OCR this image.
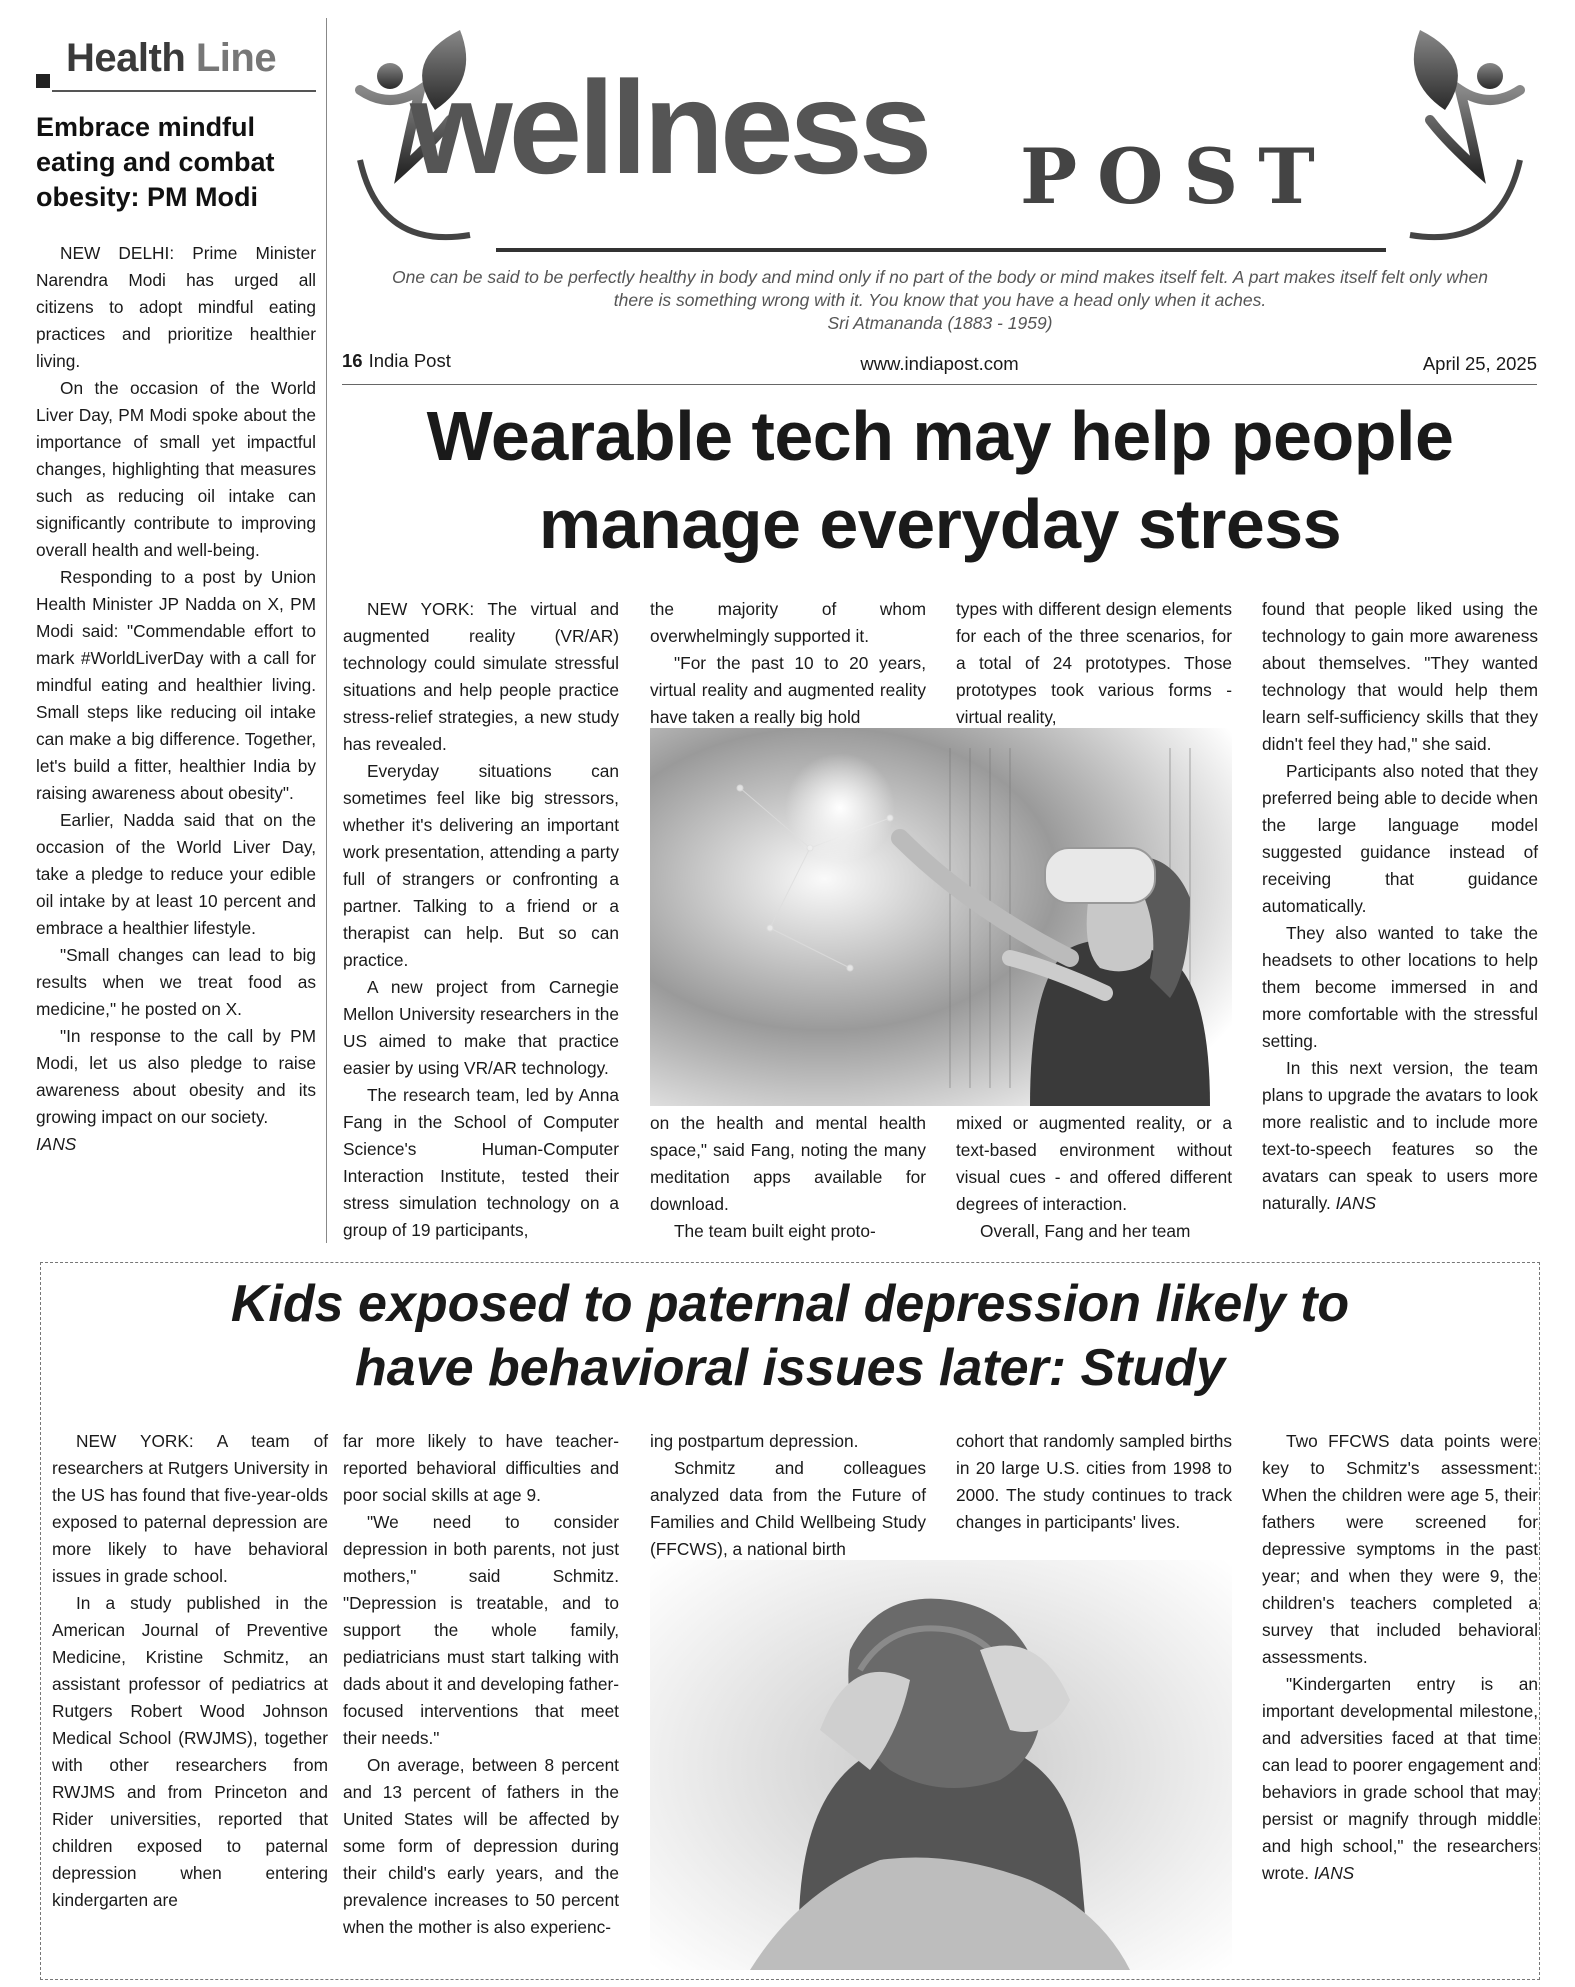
Health Line
Embrace mindful eating and combat obesity: PM Modi

NEW DELHI: Prime Minister Narendra Modi has urged all citizens to adopt mindful eating practices and prioritize healthier living.

On the occasion of the World Liver Day, PM Modi spoke about the importance of small yet impactful changes, highlighting that measures such as reducing oil intake can significantly contribute to improving overall health and well-being.

Responding to a post by Union Health Minister JP Nadda on X, PM Modi said: "Commendable effort to mark #WorldLiverDay with a call for mindful eating and healthier living. Small steps like reducing oil intake can make a big difference. Together, let's build a fitter, healthier India by raising awareness about obesity".

Earlier, Nadda said that on the occasion of the World Liver Day, take a pledge to reduce your edible oil intake by at least 10 percent and embrace a healthier lifestyle.

"Small changes can lead to big results when we treat food as medicine," he posted on X.

"In response to the call by PM Modi, let us also pledge to raise awareness about obesity and its growing impact on our society.

IANS

wellness POST
One can be said to be perfectly healthy in body and mind only if no part of the body or mind makes itself felt. A part makes itself felt only when there is something wrong with it. You know that you have a head only when it aches.
Sri Atmananda (1883 - 1959)
16 India Post	www.indiapost.com	April 25, 2025
Wearable tech may help people
manage everyday stress

NEW YORK: The virtual and augmented reality (VR/AR) technology could simulate stressful situations and help people practice stress-relief strategies, a new study has revealed.

Everyday situations can sometimes feel like big stressors, whether it's delivering an important work presentation, attending a party full of strangers or confronting a partner. Talking to a friend or a therapist can help. But so can practice.

A new project from Carnegie Mellon University researchers in the US aimed to make that practice easier by using VR/AR technology.

The research team, led by Anna Fang in the School of Computer Science's Human-Computer Interaction Institute, tested their stress simulation technology on a group of 19 participants,

the majority of whom overwhelmingly supported it.

"For the past 10 to 20 years, virtual reality and augmented reality have taken a really big hold

types with different design elements for each of the three scenarios, for a total of 24 prototypes. Those prototypes took various forms - virtual reality,

on the health and mental health space," said Fang, noting the many meditation apps available for download.

The team built eight proto-

mixed or augmented reality, or a text-based environment without visual cues - and offered different degrees of interaction.

Overall, Fang and her team

found that people liked using the technology to gain more awareness about themselves. "They wanted technology that would help them learn self-sufficiency skills that they didn't feel they had," she said.

Participants also noted that they preferred being able to decide when the large language model suggested guidance instead of receiving that guidance automatically.

They also wanted to take the headsets to other locations to help them become immersed in and more comfortable with the stressful setting.

In this next version, the team plans to upgrade the avatars to look more realistic and to include more text-to-speech features so the avatars can speak to users more naturally. IANS

Kids exposed to paternal depression likely to
have behavioral issues later: Study

NEW YORK: A team of researchers at Rutgers University in the US has found that five-year-olds exposed to paternal depression are more likely to have behavioral issues in grade school.

In a study published in the American Journal of Preventive Medicine, Kristine Schmitz, an assistant professor of pediatrics at Rutgers Robert Wood Johnson Medical School (RWJMS), together with other researchers from RWJMS and from Princeton and Rider universities, reported that children exposed to paternal depression when entering kindergarten are

far more likely to have teacher-reported behavioral difficulties and poor social skills at age 9.

"We need to consider depression in both parents, not just mothers," said Schmitz. "Depression is treatable, and to support the whole family, pediatricians must start talking with dads about it and developing father-focused interventions that meet their needs."

On average, between 8 percent and 13 percent of fathers in the United States will be affected by some form of depression during their child's early years, and the prevalence increases to 50 percent when the mother is also experienc-

ing postpartum depression.

Schmitz and colleagues analyzed data from the Future of Families and Child Wellbeing Study (FFCWS), a national birth

cohort that randomly sampled births in 20 large U.S. cities from 1998 to 2000. The study continues to track changes in participants' lives.

Two FFCWS data points were key to Schmitz's assessment: When the children were age 5, their fathers were screened for depressive symptoms in the past year; and when they were 9, the children's teachers completed a survey that included behavioral assessments.

"Kindergarten entry is an important developmental milestone, and adversities faced at that time can lead to poorer engagement and behaviors in grade school that may persist or magnify through middle and high school," the researchers wrote. IANS
